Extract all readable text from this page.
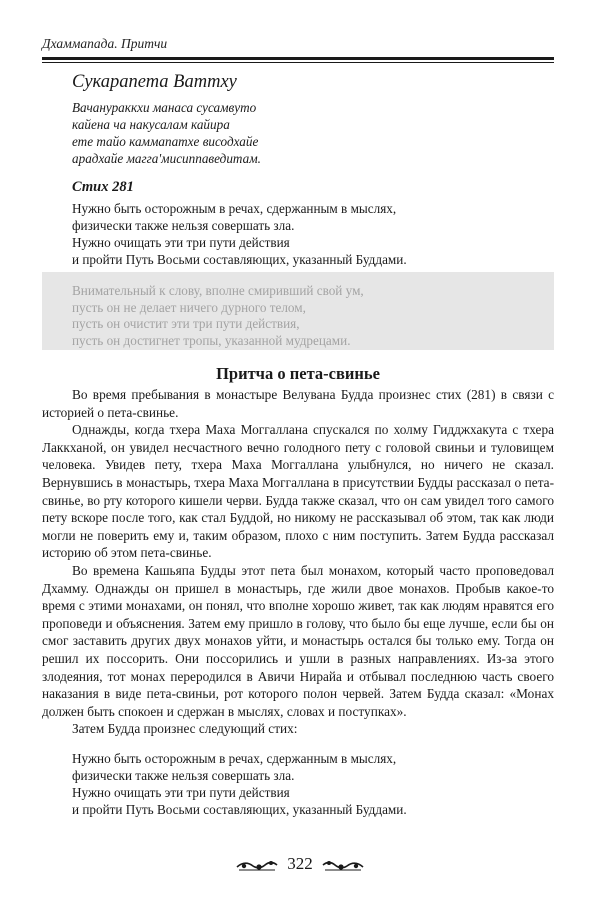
Дхаммапада. Притчи
Сукарапета Ваттху
Вачанураккхи манаса сусамвуто
кайена ча накусалам кайира
ете тайо каммапатхе висодхайе
арадхайе магга'мисиппаведитам.
Стих 281
Нужно быть осторожным в речах, сдержанным в мыслях,
физически также нельзя совершать зла.
Нужно очищать эти три пути действия
и пройти Путь Восьми составляющих, указанный Буддами.
Внимательный к слову, вполне смиривший свой ум,
пусть он не делает ничего дурного телом,
пусть он очистит эти три пути действия,
пусть он достигнет тропы, указанной мудрецами.
Притча о пета-свинье

Во время пребывания в монастыре Велувана Будда произнес стих (281) в связи с историей о пета-свинье.

Однажды, когда тхера Маха Моггаллана спускался по холму Гидджхакута с тхера Лаккханой, он увидел несчастного вечно голодного пету с головой свиньи и туловищем человека. Увидев пету, тхера Маха Моггаллана улыбнулся, но ничего не сказал. Вернувшись в монастырь, тхера Маха Моггаллана в присутствии Будды рассказал о пета-свинье, во рту которого кишели черви. Будда также сказал, что он сам увидел того самого пету вскоре после того, как стал Буддой, но никому не рассказывал об этом, так как люди могли не поверить ему и, таким образом, плохо с ним поступить. Затем Будда рассказал историю об этом пета-свинье.

Во времена Кашьяпа Будды этот пета был монахом, который часто проповедовал Дхамму. Однажды он пришел в монастырь, где жили двое монахов. Пробыв какое-то время с этими монахами, он понял, что вполне хорошо живет, так как людям нравятся его проповеди и объяснения. Затем ему пришло в голову, что было бы еще лучше, если бы он смог заставить других двух монахов уйти, и монастырь остался бы только ему. Тогда он решил их поссорить. Они поссорились и ушли в разных направлениях. Из-за этого злодеяния, тот монах переродился в Авичи Нирайа и отбывал последнюю часть своего наказания в виде пета-свиньи, рот которого полон червей. Затем Будда сказал: «Монах должен быть спокоен и сдержан в мыслях, словах и поступках».

Затем Будда произнес следующий стих:

Нужно быть осторожным в речах, сдержанным в мыслях,
физически также нельзя совершать зла.
Нужно очищать эти три пути действия
и пройти Путь Восьми составляющих, указанный Буддами.
322
